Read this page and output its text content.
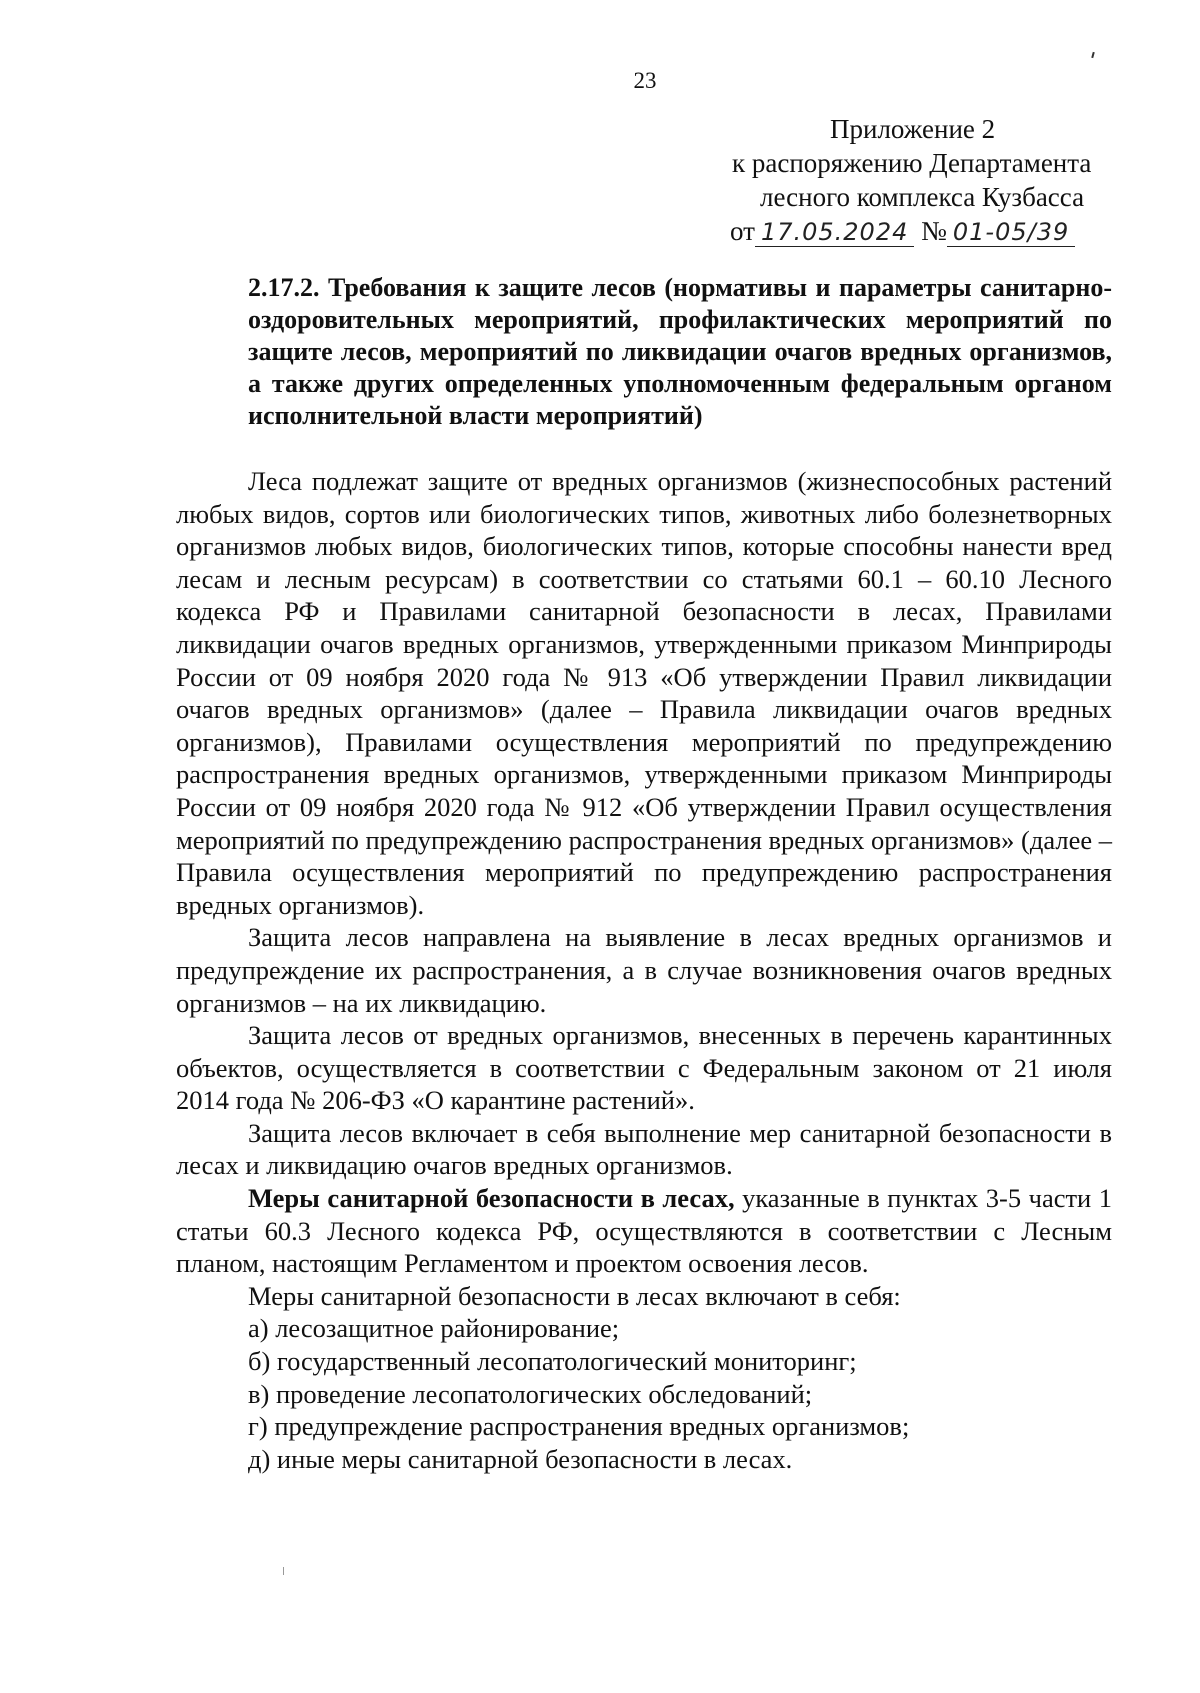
23
Приложение 2
к распоряжению Департамента
лесного комплекса Кузбасса
от 17.05.2024 № 01-05/39
2.17.2. Требования к защите лесов (нормативы и параметры санитарно-оздоровительных мероприятий, профилактических мероприятий по защите лесов, мероприятий по ликвидации очагов вредных организмов, а также других определенных уполномоченным федеральным органом исполнительной власти мероприятий)

Леса подлежат защите от вредных организмов (жизнеспособных растений любых видов, сортов или биологических типов, животных либо болезнетворных организмов любых видов, биологических типов, которые способны нанести вред лесам и лесным ресурсам) в соответствии со статьями 60.1 – 60.10 Лесного кодекса РФ и Правилами санитарной безопасности в лесах, Правилами ликвидации очагов вредных организмов, утвержденными приказом Минприроды России от 09 ноября 2020 года № 913 «Об утверждении Правил ликвидации очагов вредных организмов» (далее – Правила ликвидации очагов вредных организмов), Правилами осуществления мероприятий по предупреждению распространения вредных организмов, утвержденными приказом Минприроды России от 09 ноября 2020 года № 912 «Об утверждении Правил осуществления мероприятий по предупреждению распространения вредных организмов» (далее – Правила осуществления мероприятий по предупреждению распространения вредных организмов).

Защита лесов направлена на выявление в лесах вредных организмов и предупреждение их распространения, а в случае возникновения очагов вредных организмов – на их ликвидацию.

Защита лесов от вредных организмов, внесенных в перечень карантинных объектов, осуществляется в соответствии с Федеральным законом от 21 июля 2014 года № 206-ФЗ «О карантине растений».

Защита лесов включает в себя выполнение мер санитарной безопасности в лесах и ликвидацию очагов вредных организмов.

Меры санитарной безопасности в лесах, указанные в пунктах 3-5 части 1 статьи 60.3 Лесного кодекса РФ, осуществляются в соответствии с Лесным планом, настоящим Регламентом и проектом освоения лесов.

Меры санитарной безопасности в лесах включают в себя:

а) лесозащитное районирование;

б) государственный лесопатологический мониторинг;

в) проведение лесопатологических обследований;

г) предупреждение распространения вредных организмов;

д) иные меры санитарной безопасности в лесах.
